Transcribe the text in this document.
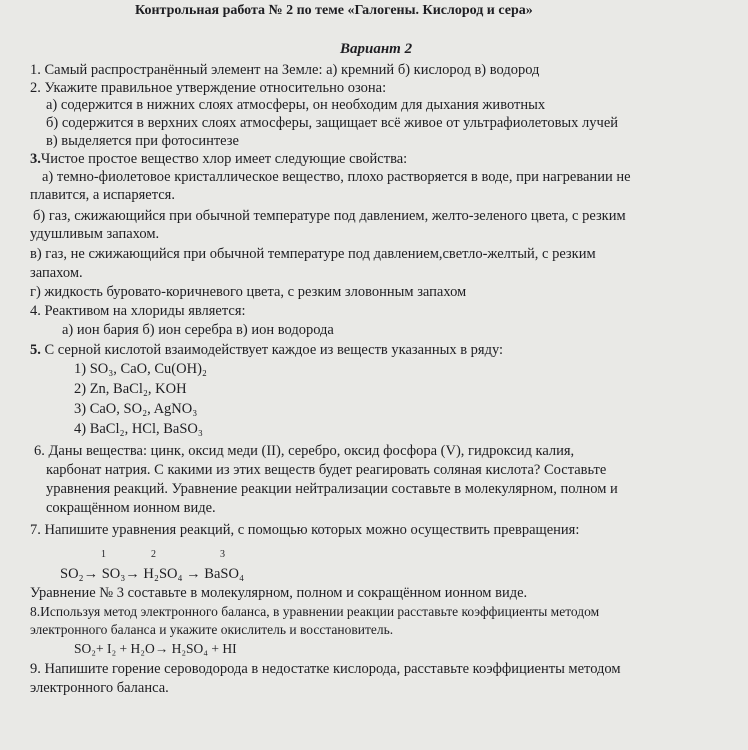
Контрольная работа № 2 по теме «Галогены. Кислород и сера»
Вариант 2
1. Самый распространённый элемент на Земле: а) кремний б) кислород в) водород
2. Укажите правильное утверждение относительно озона:
а) содержится в нижних слоях атмосферы, он необходим для дыхания животных
б) содержится в верхних слоях атмосферы, защищает всё живое от ультрафиолетовых лучей
в) выделяется при фотосинтезе
3.Чистое простое вещество хлор имеет следующие свойства:
а) темно-фиолетовое кристаллическое вещество, плохо растворяется в воде, при нагревании не
плавится, а испаряется.
б) газ, сжижающийся при обычной температуре под давлением, желто-зеленого цвета, с резким
удушливым запахом.
в) газ, не сжижающийся при обычной температуре под давлением,светло-желтый, с резким
запахом.
г) жидкость буровато-коричневого цвета, с резким зловонным запахом
4. Реактивом на хлориды является:
а) ион бария б) ион серебра в) ион водорода
5. С серной кислотой взаимодействует каждое из веществ указанных в ряду:
1) SO₃, CaO, Cu(OH)₂
2) Zn, BaCl₂, KOH
3) CaO, SO₂, AgNO₃
4) BaCl₂, HCl, BaSO₃
6. Даны вещества: цинк, оксид меди (II), серебро, оксид фосфора (V), гидроксид калия,
карбонат натрия. С какими из этих веществ будет реагировать соляная кислота? Составьте
уравнения реакций. Уравнение реакции нейтрализации составьте в молекулярном, полном и
сокращённом ионном виде.
7. Напишите уравнения реакций, с помощью которых можно осуществить превращения:
1	2	3
SO₂→ SO₃→ H₂SO₄ → BaSO₄
Уравнение № 3 составьте в молекулярном, полном и сокращённом ионном виде.
8.Используя метод электронного баланса, в уравнении реакции расставьте коэффициенты методом
электронного баланса и укажите окислитель и восстановитель.
SO₂+ I₂ + H₂O→ H₂SO₄ + HI
9. Напишите горение сероводорода в недостатке кислорода, расставьте коэффициенты методом
электронного баланса.
